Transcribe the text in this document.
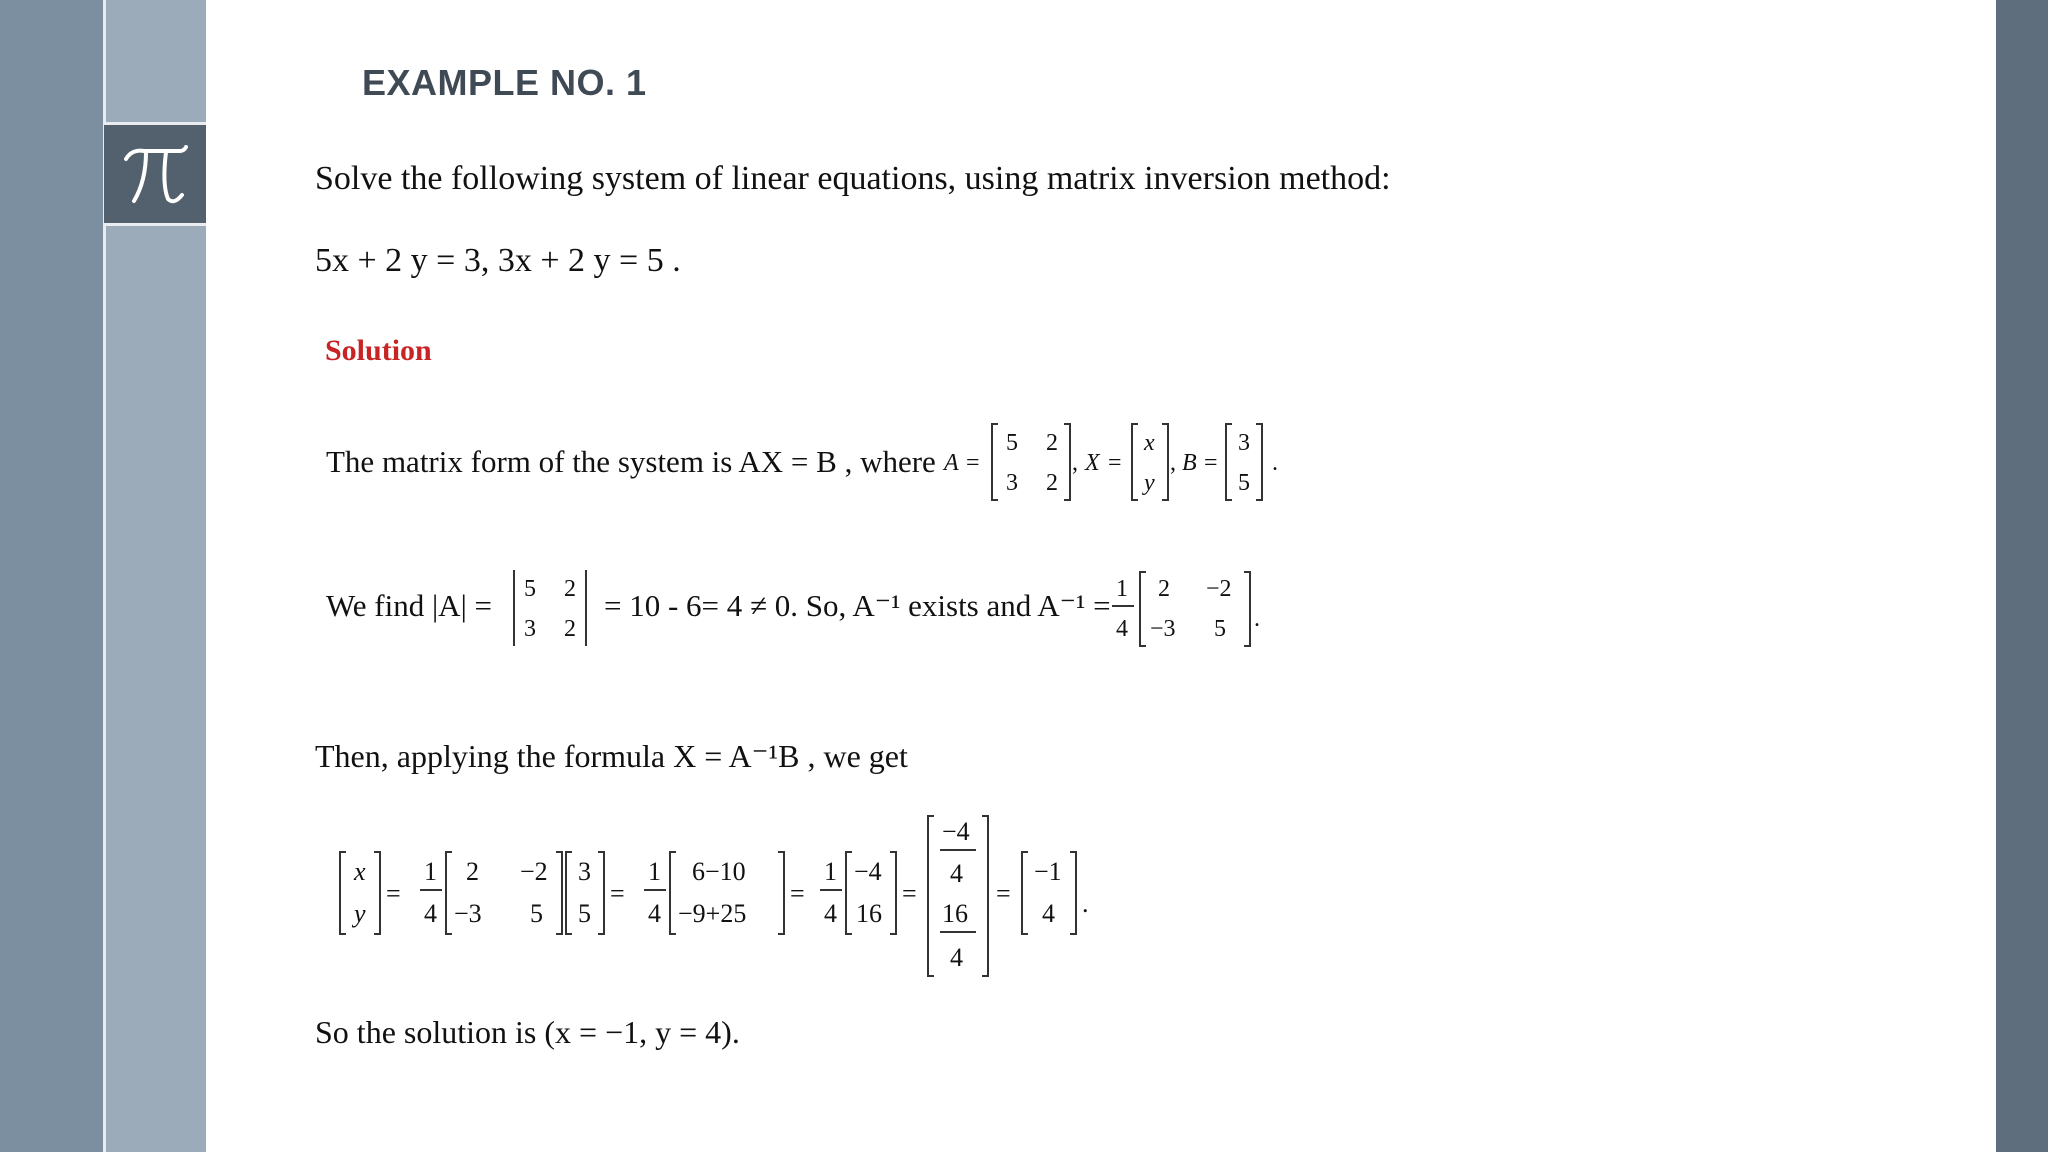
EXAMPLE NO. 1
Solve the following system of linear equations, using matrix inversion method:
5x + 2 y = 3, 3x + 2 y = 5 .
Solution
The matrix form of the system is AX = B , where A =
5 2
3 2
, X =
x
y
, B =
3
5
.
We find |A| = 5 2
3 2
= 10 - 6= 4 ≠ 0. So, A⁻¹ exists and A⁻¹ = 1
4
2 −2
−3 5 .
Then, applying the formula X = A⁻¹B , we get
x
y
=
1
4
2 −2
−3 5
3
5
=
1
4
6−10
−9+25
=
1
4
−4
16
=
−4
4
16
4
=
−1
4 .
So the solution is (x = −1, y = 4).
